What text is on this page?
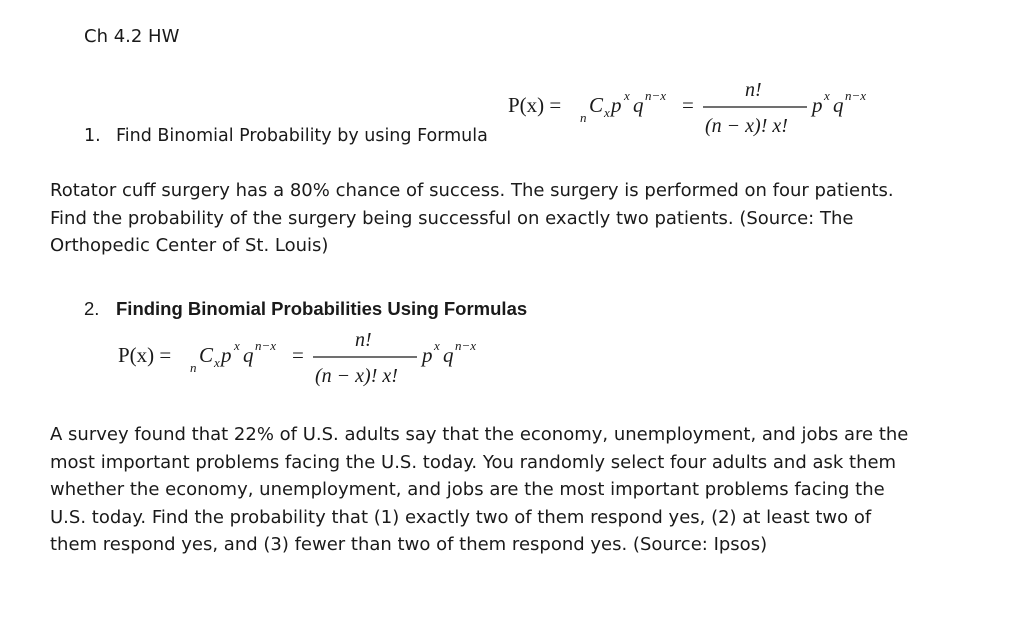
Ch 4.2 HW
P(x) =
n
C x p x q n−x =
n!
(n − x)! x!
p x q n−x
1. Find Binomial Probability by using Formula
Rotator cuff surgery has a 80% chance of success. The surgery is performed on four patients.
Find the probability of the surgery being successful on exactly two patients. (Source: The
Orthopedic Center of St. Louis)
2. Finding Binomial Probabilities Using Formulas
P(x) =
n
C x p x q n−x =
n!
(n − x)! x!
p x q n−x
A survey found that 22% of U.S. adults say that the economy, unemployment, and jobs are the
most important problems facing the U.S. today. You randomly select four adults and ask them
whether the economy, unemployment, and jobs are the most important problems facing the
U.S. today. Find the probability that (1) exactly two of them respond yes, (2) at least two of
them respond yes, and (3) fewer than two of them respond yes. (Source: Ipsos)
